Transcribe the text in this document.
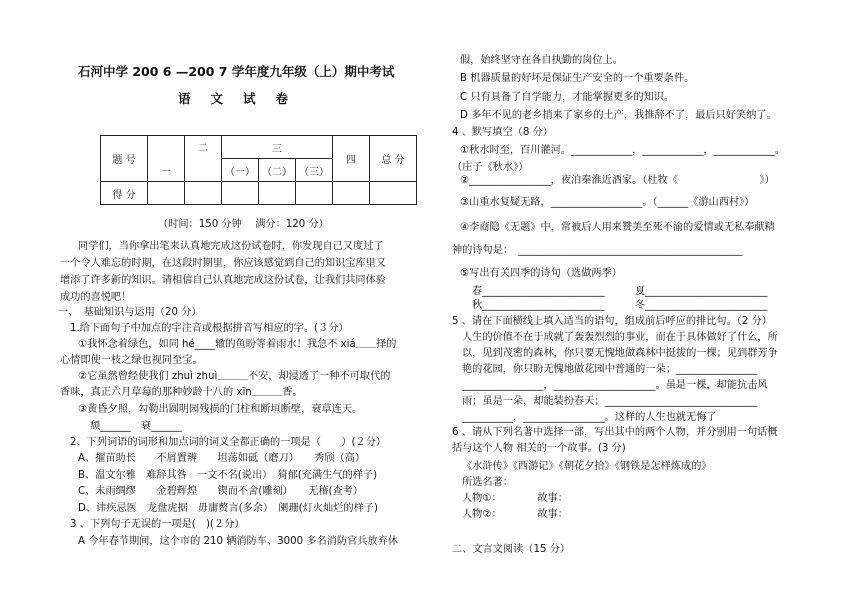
石河中学 200 6 —200 7 学年度九年级（上）期中考试
语文试卷
题 号	一	二	三			四	总 分
			（一）	（二）	（三）		
得 分							
（时间：150 分钟　 满分：120 分）
同学们，当你拿出笔来认真地完成这份试卷时，你发现自己又度过了
一个令人难忘的时期，在这段时期里，你应该感觉到自己的知识宝库里又
增添了许多新的知识。请相信自己认真地完成这份试卷，让我们共同体验
成功的喜悦吧！
一、　基础知识与运用（20 分）
1.给下面句子中加点的字注音或根据拼音写相应的字。(３分）
①我怀念着绿色，如同 hé____辙的鱼盼等着雨水！我急不 xiá＿＿择的
心情即使一枝之绿也视同至宝。
②它虽然曾经使我们 zhuì zhuì＿＿＿不安，却浸透了一种不可取代的
香味，真正六月草莓的那种妙龄十八的 xīn＿＿＿香。
③黄昏夕照，勾勒出圆明园残损的门柱和断垣断壁，衰草连天。
颓______　衰______
2、下列词语的词形和加点词的词义全都正确的一项是（　　）(２分）
A、擢苗助长　　不屑置辨　　坦荡如砥（磨刀）　　秀颀（高）
B、温文尔雅　难辞其咎　一文不名(说出）　猗郁(充满生气的样子)
C、未雨绸缪　　金碧辉煌　　锲而不舍(雕刻）　　无稽(查考）
D、讳疾忌医　龙盘虎据　毋庸赘言(多余）　阑珊(灯火灿烂的样子)
3 、下列句子无误的一项是(　)(２分）
A 今年春节期间，这个市的 210 辆消防车、3000 多名消防官兵放弃休
假，始终坚守在各自执勤的岗位上。
B 机器质量的好坏是保证生产安全的一个重要条件。
C 只有具备了自学能力，才能掌握更多的知识。
D 多年不见的老乡捎来了家乡的土产，我推辞不了，最后只好笑纳了。
4 、默写填空（8 分）
①秋水时至，百川灌河。____________，____________，____________。
（庄子《秋水》）
②________________，夜泊秦淮近酒家。（杜牧《　　　　　　　　》）
③山重水复疑无路，__________________。（______《游山西村》）
④李商隐《无题》中，常被后人用来赞美至死不渝的爱情或无私奉献精
神的诗句是：　____________________________________________
⑤写出有关四季的诗句（选做两季）
春________________________　　　夏________________________
秋________________________　　　冬________________________
5 、请在下面横线上填入适当的语句，组成前后呼应的排比句。（2 分）
人生的价值不在于成就了轰轰烈烈的事业，而在于具体做好了什么，所
以，见到茂密的森林，你只要无愧地做森林中挺拔的一棵；见到群芳争
艳的花园，你只盼无愧地做花园中普通的一朵；________________
________________，____________________。虽是一棵，却能抗击风
雨；虽是一朵，却能装扮春天；______________________________
__________，________________。这样的人生也就无悔了
6 、请从下列名著中选择一部，写出其中的两个人物，并分别用一句话概
括与这个人物 相关的一个故事。(3 分)
《水浒传》《西游记》《朝花夕拾》《钢铁是怎样炼成的》
所选名著：
人物①：　　　　故事：
人物②：　　　　故事：
二、文言文阅读（15 分）
